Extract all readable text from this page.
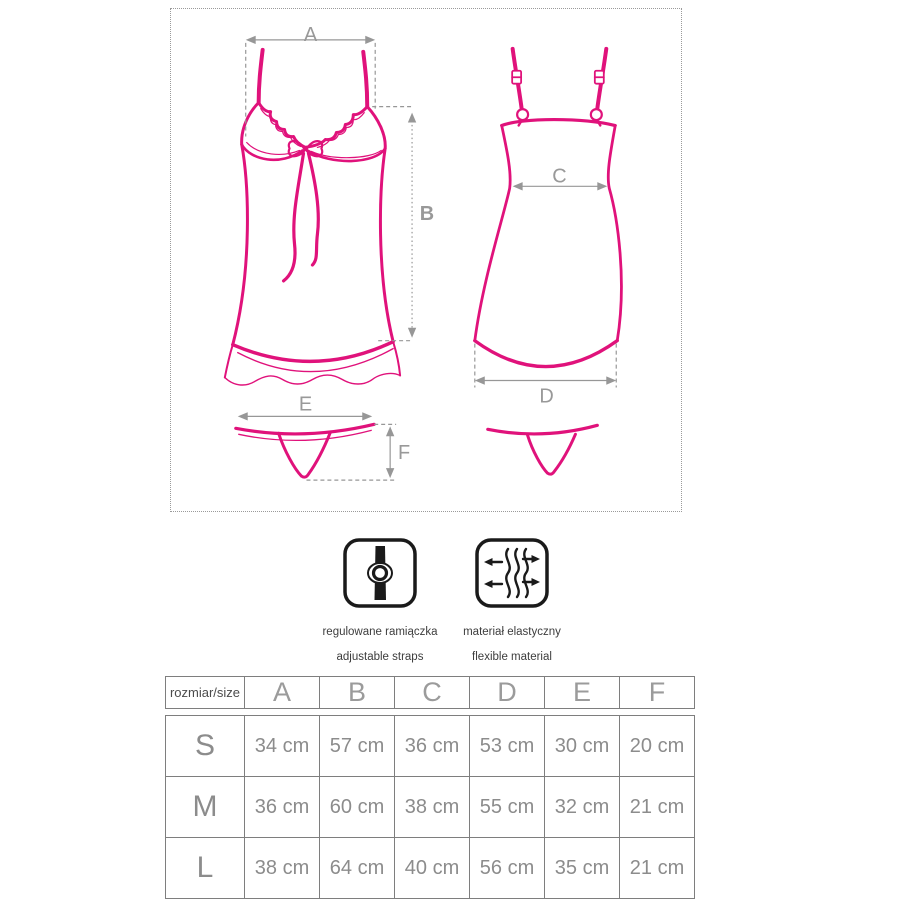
A
B
C
D
E
F
regulowane ramiączka
adjustable straps
materiał elastyczny
flexible material
rozmiar/size	A	B	C	D	E	F
S	34 cm	57 cm	36 cm	53 cm	30 cm	20 cm
M	36 cm	60 cm	38 cm	55 cm	32 cm	21 cm
L	38 cm	64 cm	40 cm	56 cm	35 cm	21 cm
